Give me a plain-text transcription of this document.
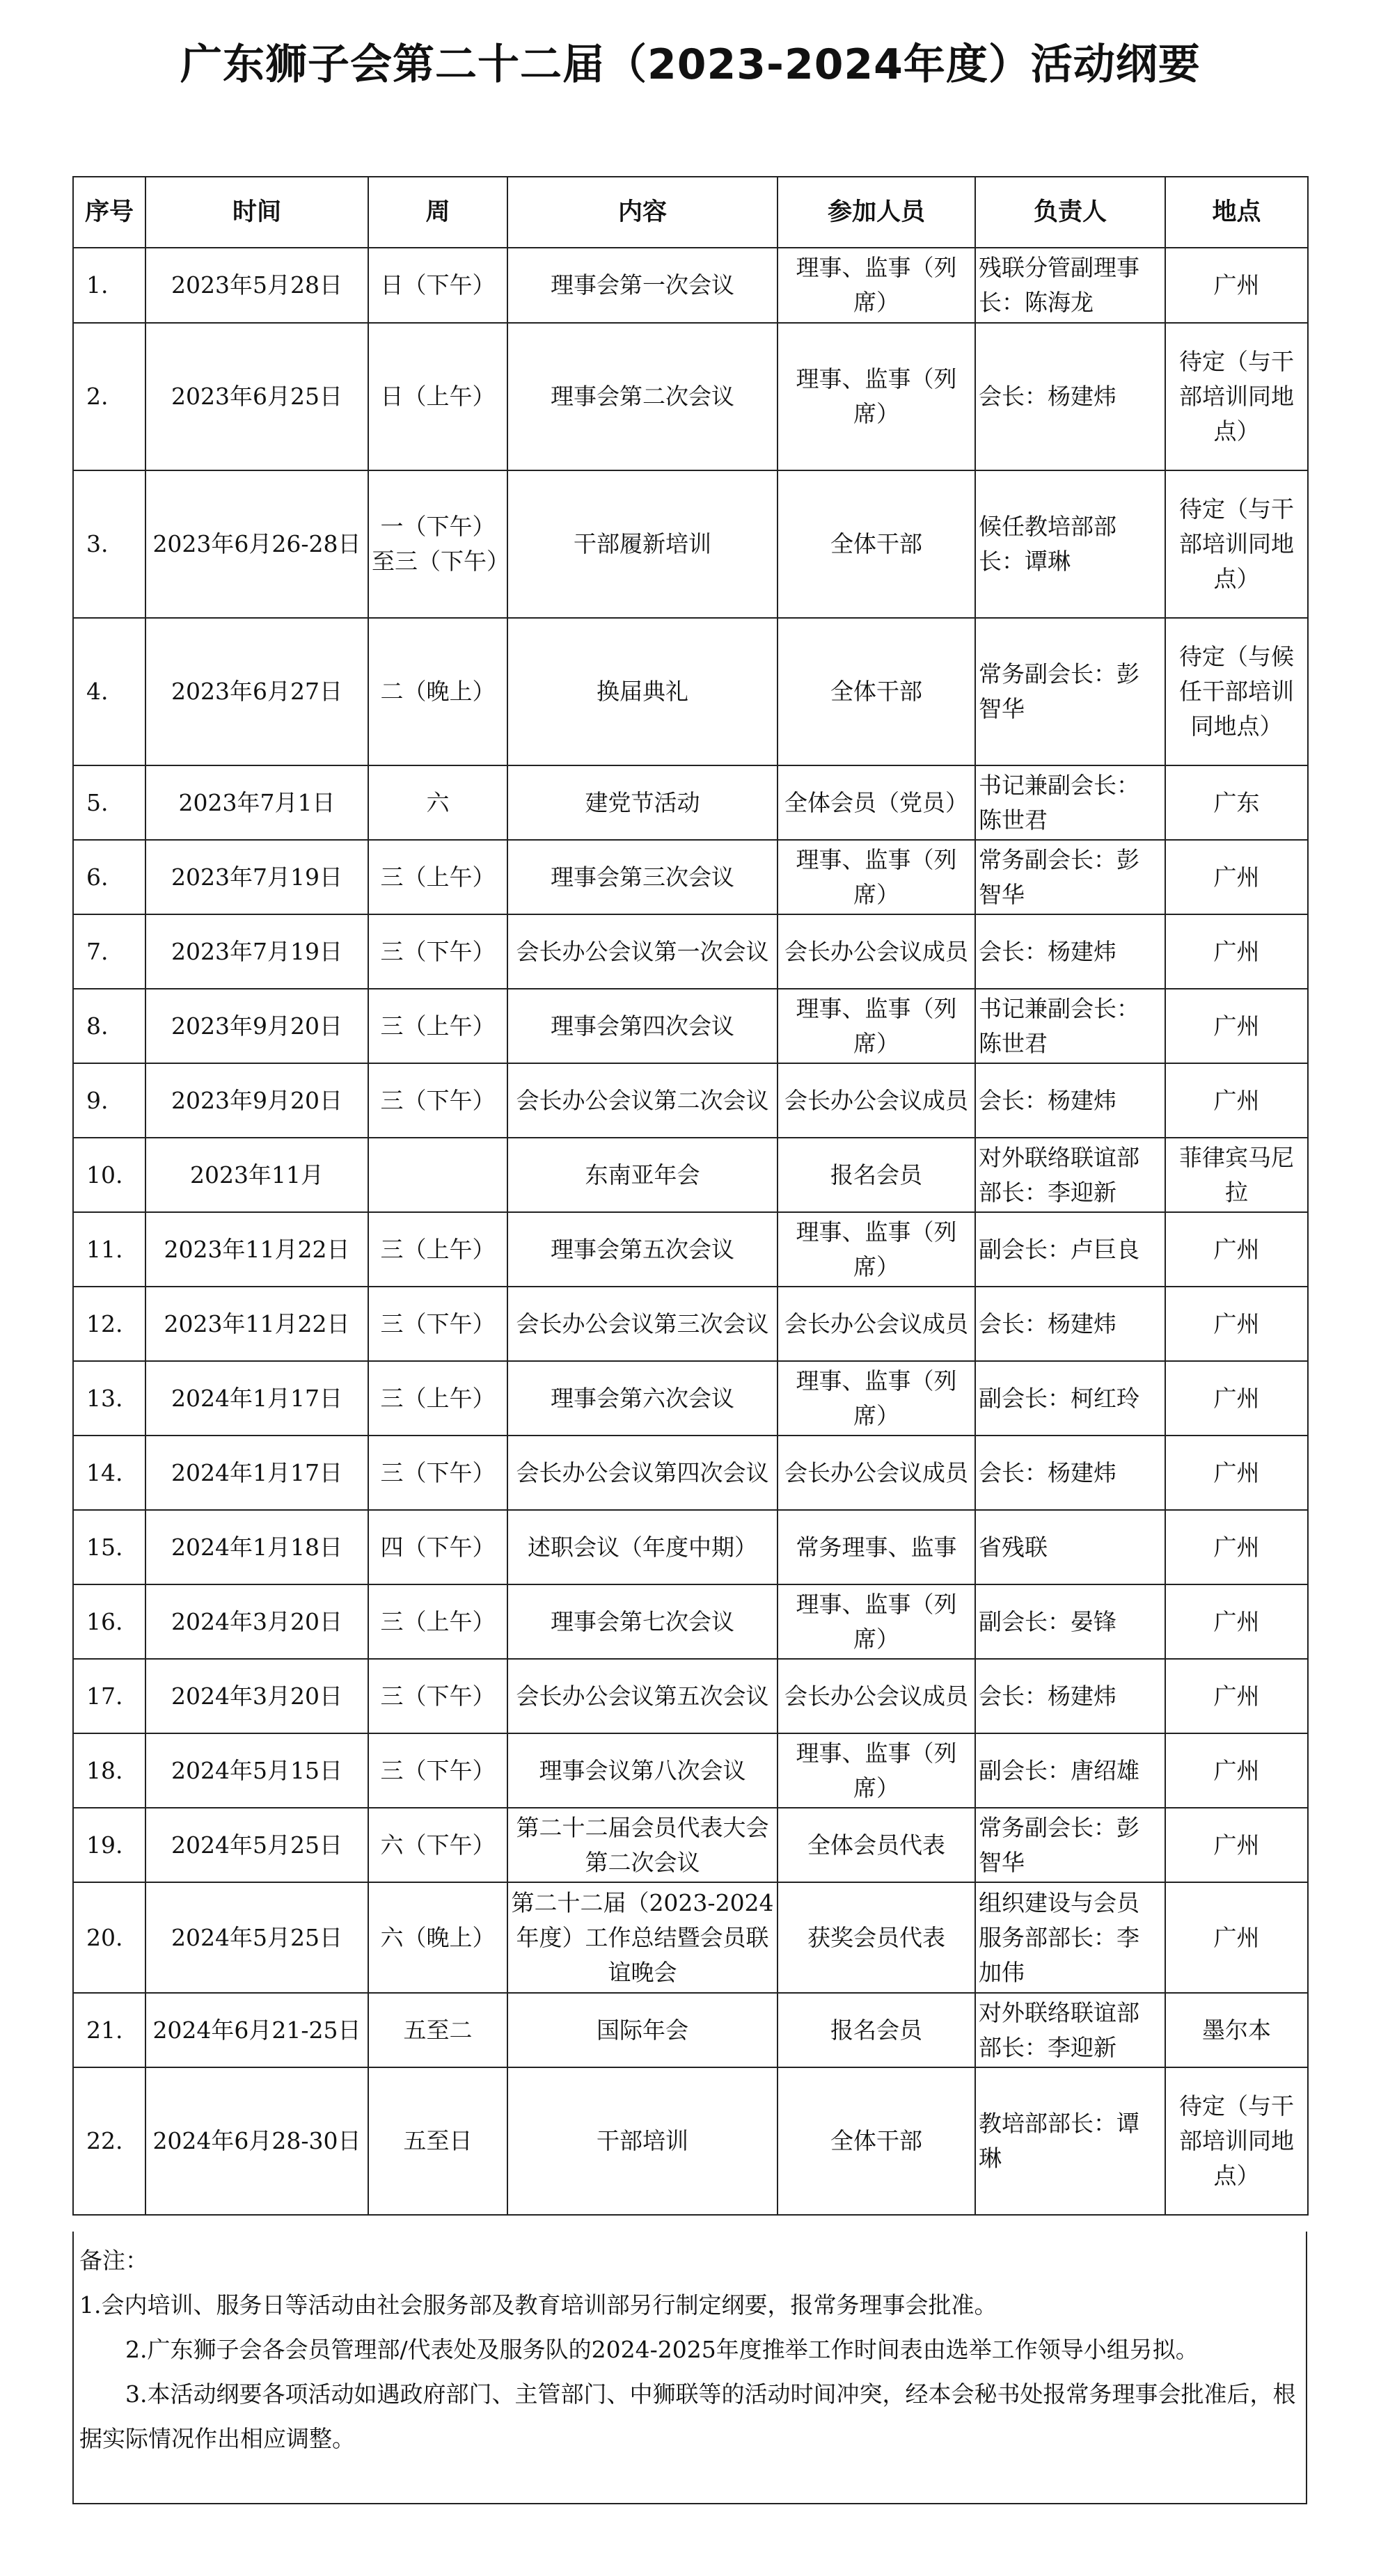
广东狮子会第二十二届（2023-2024年度）活动纲要
序号	时间	周	内容	参加人员	负责人	地点
1.	2023年5月28日	日（下午）	理事会第一次会议	理事、监事（列席）	残联分管副理事长：陈海龙	广州
2.	2023年6月25日	日（上午）	理事会第二次会议	理事、监事（列席）	会长：杨建炜	待定（与干部培训同地点）
3.	2023年6月26-28日	一（下午）至三（下午）	干部履新培训	全体干部	候任教培部部长：谭琳	待定（与干部培训同地点）
4.	2023年6月27日	二（晚上）	换届典礼	全体干部	常务副会长：彭智华	待定（与候任干部培训同地点）
5.	2023年7月1日	六	建党节活动	全体会员（党员）	书记兼副会长：陈世君	广东
6.	2023年7月19日	三（上午）	理事会第三次会议	理事、监事（列席）	常务副会长：彭智华	广州
7.	2023年7月19日	三（下午）	会长办公会议第一次会议	会长办公会议成员	会长：杨建炜	广州
8.	2023年9月20日	三（上午）	理事会第四次会议	理事、监事（列席）	书记兼副会长：陈世君	广州
9.	2023年9月20日	三（下午）	会长办公会议第二次会议	会长办公会议成员	会长：杨建炜	广州
10.	2023年11月		东南亚年会	报名会员	对外联络联谊部部长：李迎新	菲律宾马尼拉
11.	2023年11月22日	三（上午）	理事会第五次会议	理事、监事（列席）	副会长：卢巨良	广州
12.	2023年11月22日	三（下午）	会长办公会议第三次会议	会长办公会议成员	会长：杨建炜	广州
13.	2024年1月17日	三（上午）	理事会第六次会议	理事、监事（列席）	副会长：柯红玲	广州
14.	2024年1月17日	三（下午）	会长办公会议第四次会议	会长办公会议成员	会长：杨建炜	广州
15.	2024年1月18日	四（下午）	述职会议（年度中期）	常务理事、监事	省残联	广州
16.	2024年3月20日	三（上午）	理事会第七次会议	理事、监事（列席）	副会长：晏锋	广州
17.	2024年3月20日	三（下午）	会长办公会议第五次会议	会长办公会议成员	会长：杨建炜	广州
18.	2024年5月15日	三（下午）	理事会议第八次会议	理事、监事（列席）	副会长：唐绍雄	广州
19.	2024年5月25日	六（下午）	第二十二届会员代表大会第二次会议	全体会员代表	常务副会长：彭智华	广州
20.	2024年5月25日	六（晚上）	第二十二届（2023-2024年度）工作总结暨会员联谊晚会	获奖会员代表	组织建设与会员服务部部长：李加伟	广州
21.	2024年6月21-25日	五至二	国际年会	报名会员	对外联络联谊部部长：李迎新	墨尔本
22.	2024年6月28-30日	五至日	干部培训	全体干部	教培部部长：谭琳	待定（与干部培训同地点）

备注：

1.会内培训、服务日等活动由社会服务部及教育培训部另行制定纲要，报常务理事会批准。

2.广东狮子会各会员管理部/代表处及服务队的2024-2025年度推举工作时间表由选举工作领导小组另拟。

3.本活动纲要各项活动如遇政府部门、主管部门、中狮联等的活动时间冲突，经本会秘书处报常务理事会批准后，根据实际情况作出相应调整。
